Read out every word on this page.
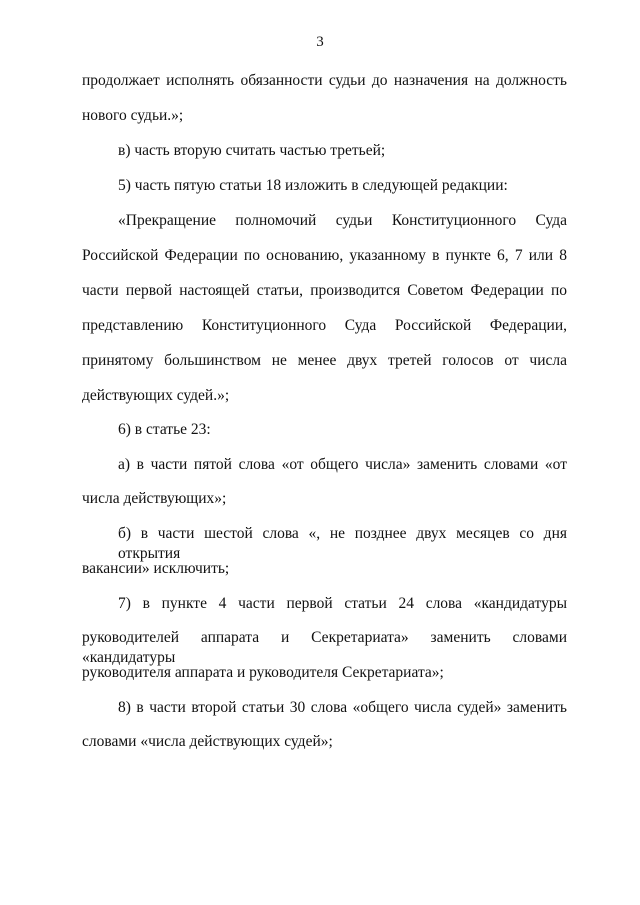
3
продолжает исполнять обязанности судьи до назначения на должность
нового судьи.»;
в) часть вторую считать частью третьей;
5) часть пятую статьи 18 изложить в следующей редакции:
«Прекращение полномочий судьи Конституционного Суда
Российской Федерации по основанию, указанному в пункте 6, 7 или 8
части первой настоящей статьи, производится Советом Федерации по
представлению Конституционного Суда Российской Федерации,
принятому большинством не менее двух третей голосов от числа
действующих судей.»;
6) в статье 23:
а) в части пятой слова «от общего числа» заменить словами «от
числа действующих»;
б) в части шестой слова «, не позднее двух месяцев со дня открытия
вакансии» исключить;
7) в пункте 4 части первой статьи 24 слова «кандидатуры
руководителей аппарата и Секретариата» заменить словами «кандидатуры
руководителя аппарата и руководителя Секретариата»;
8) в части второй статьи 30 слова «общего числа судей» заменить
словами «числа действующих судей»;
